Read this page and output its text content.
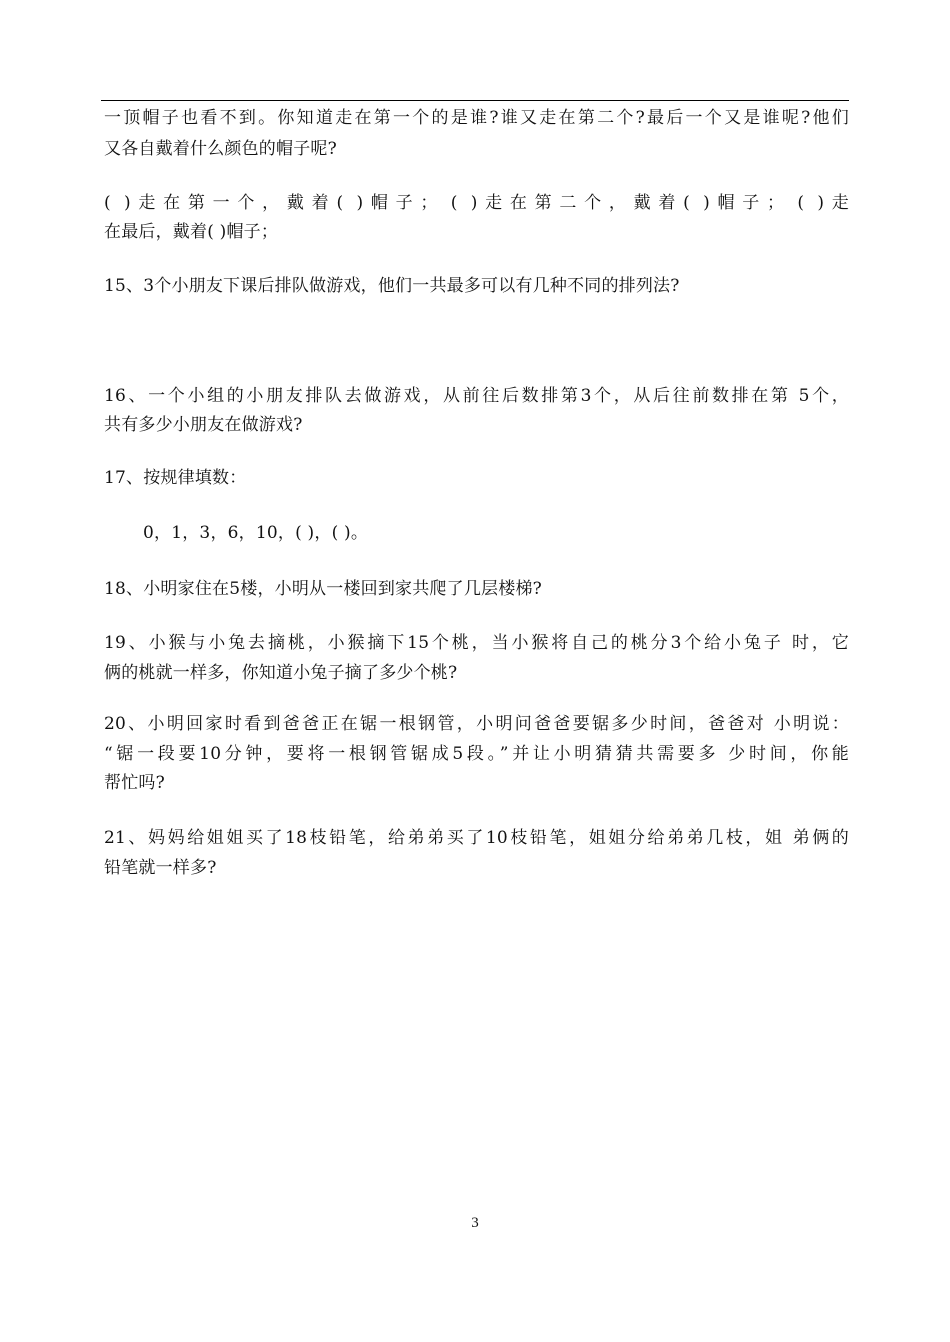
一顶帽子也看不到。你知道走在第一个的是谁?谁又走在第二个?最后一个又是谁呢?他们
又各自戴着什么颜色的帽子呢?
( )走在第一个，戴着( )帽子； ( )走在第二个，戴着( )帽子； ( )走
在最后，戴着( )帽子；
15、3个小朋友下课后排队做游戏，他们一共最多可以有几种不同的排列法?
16、一个小组的小朋友排队去做游戏，从前往后数排第3个，从后往前数排在第 5个，
共有多少小朋友在做游戏?
17、按规律填数：
0，1，3，6，10，( )，( )。
18、小明家住在5楼，小明从一楼回到家共爬了几层楼梯?
19、小猴与小兔去摘桃，小猴摘下15个桃，当小猴将自己的桃分3个给小兔子 时，它
俩的桃就一样多，你知道小兔子摘了多少个桃?
20、小明回家时看到爸爸正在锯一根钢管，小明问爸爸要锯多少时间，爸爸对 小明说：
“锯一段要10分钟，要将一根钢管锯成5段。”并让小明猜猜共需要多 少时间，你能
帮忙吗?
21、妈妈给姐姐买了18枝铅笔，给弟弟买了10枝铅笔，姐姐分给弟弟几枝，姐 弟俩的
铅笔就一样多?
3
